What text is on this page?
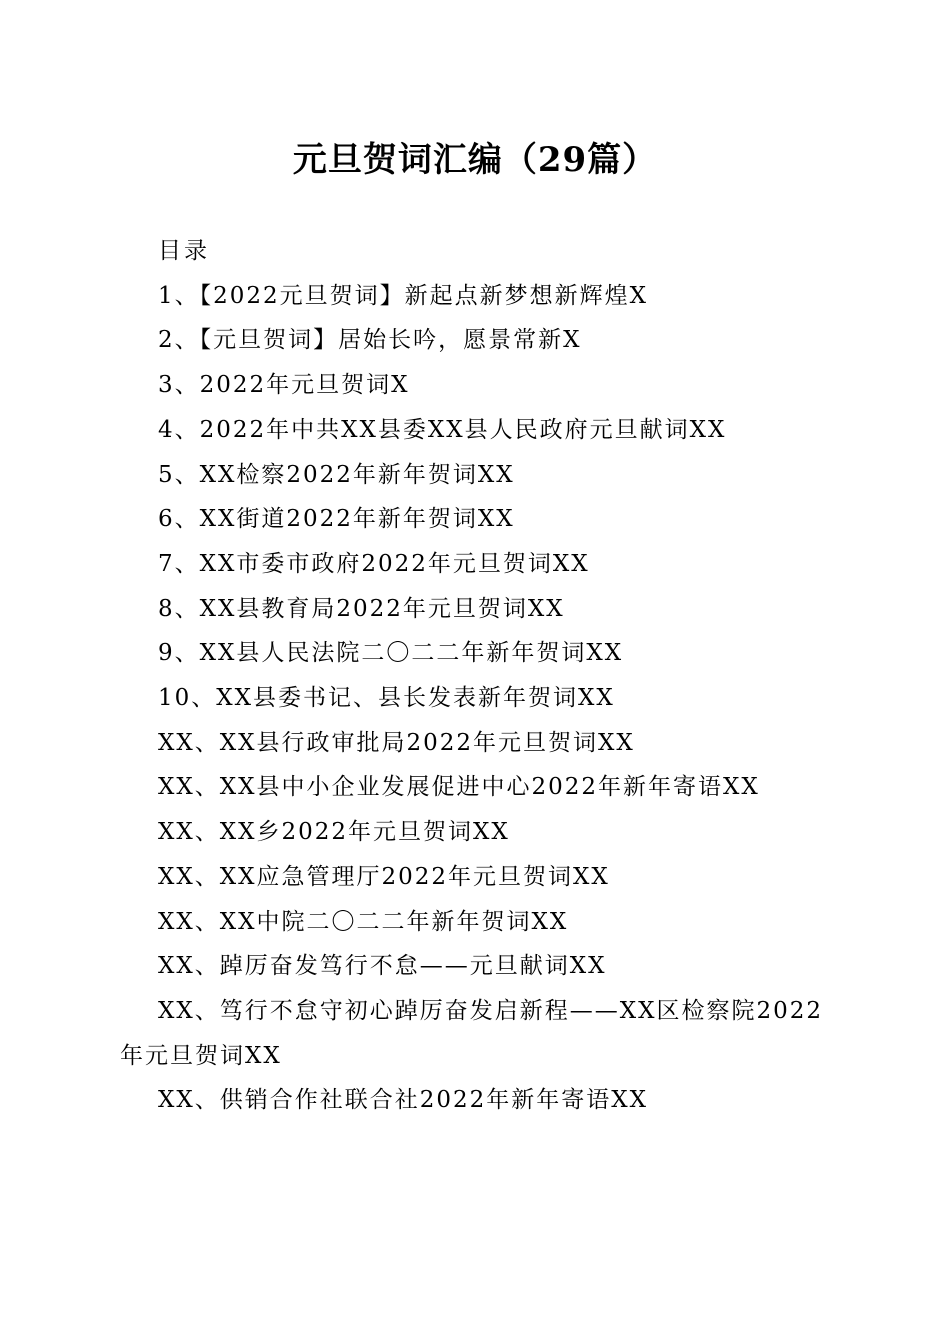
元旦贺词汇编（29篇）
目录
1、【2022元旦贺词】新起点新梦想新辉煌X
2、【元旦贺词】居始长吟，愿景常新X
3、2022年元旦贺词X
4、2022年中共XX县委XX县人民政府元旦献词XX
5、XX检察2022年新年贺词XX
6、XX街道2022年新年贺词XX
7、XX市委市政府2022年元旦贺词XX
8、XX县教育局2022年元旦贺词XX
9、XX县人民法院二〇二二年新年贺词XX
10、XX县委书记、县长发表新年贺词XX
XX、XX县行政审批局2022年元旦贺词XX
XX、XX县中小企业发展促进中心2022年新年寄语XX
XX、XX乡2022年元旦贺词XX
XX、XX应急管理厅2022年元旦贺词XX
XX、XX中院二〇二二年新年贺词XX
XX、踔厉奋发笃行不怠——元旦献词XX
XX、笃行不怠守初心踔厉奋发启新程——XX区检察院2022年元旦贺词XX
XX、供销合作社联合社2022年新年寄语XX
